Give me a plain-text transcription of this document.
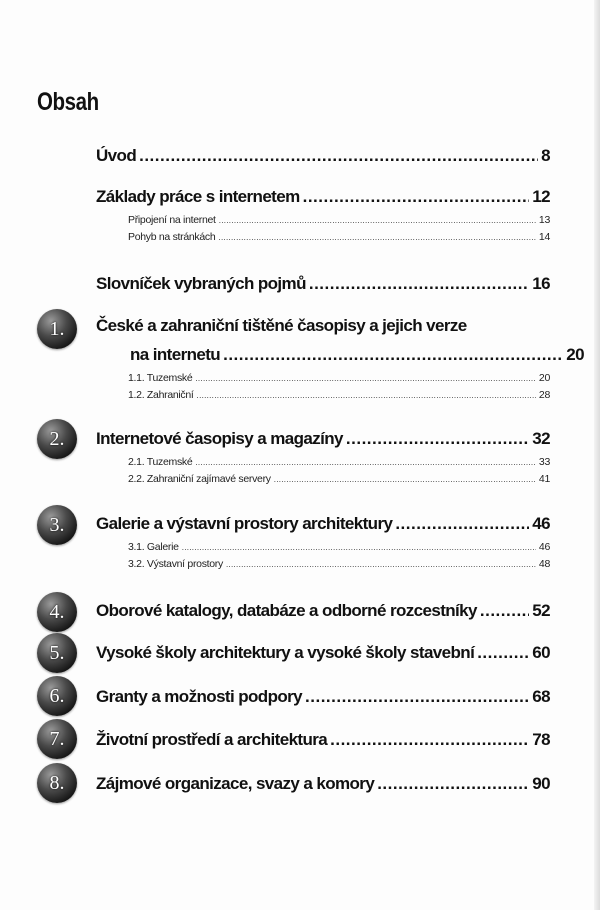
Obsah
Úvod .....	8
Základy práce s internetem .....	12
Připojení na internet .....	13
Pohyb na stránkách .....	14
Slovníček vybraných pojmů .....	16
1.	České a zahraniční tištěné časopisy a jejich verze
na internetu .....	20
1.1. Tuzemské .....	20
1.2. Zahraniční .....	28
2.	Internetové časopisy a magazíny .....	32
2.1. Tuzemské .....	33
2.2. Zahraniční zajímavé servery .....	41
3.	Galerie a výstavní prostory architektury .....	46
3.1. Galerie .....	46
3.2. Výstavní prostory .....	48
4.	Oborové katalogy, databáze a odborné rozcestníky .....	52
5.	Vysoké školy architektury a vysoké školy stavební .....	60
6.	Granty a možnosti podpory .....	68
7.	Životní prostředí a architektura .....	78
8.	Zájmové organizace, svazy a komory .....	90
